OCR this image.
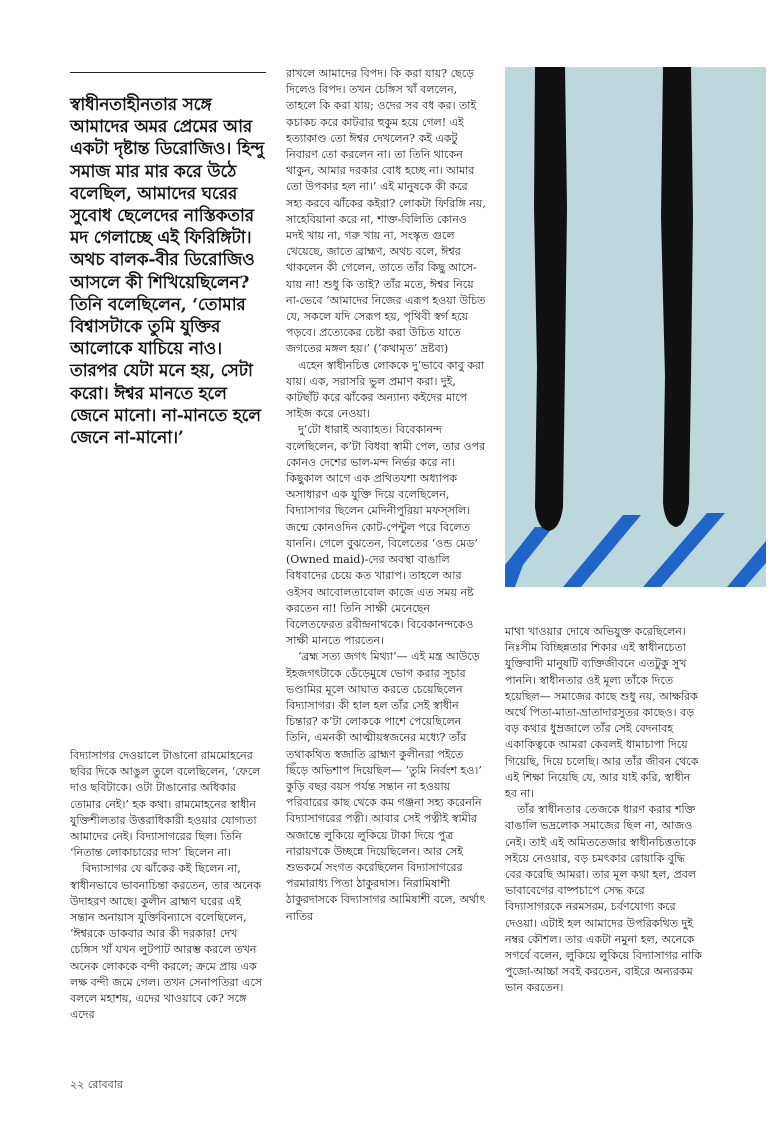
স্বাধীনতাহীনতার সঙ্গে আমাদের অমর প্রেমের আর একটা দৃষ্টান্ত ডিরোজিও। হিন্দু সমাজ মার মার করে উঠে বলেছিল, আমাদের ঘরের সুবোধ ছেলেদের নাস্তিকতার মদ গেলাচ্ছে এই ফিরিঙ্গিটা। অথচ বালক-বীর ডিরোজিও আসলে কী শিখিয়েছিলেন? তিনি বলেছিলেন, ‘তোমার বিশ্বাসটাকে তুমি যুক্তির আলোকে যাচিয়ে নাও। তারপর যেটা মনে হয়, সেটা করো। ঈশ্বর মানতে হলে জেনে মানো। না-মানতে হলে জেনে না-মানো।’

বিদ্যাসাগর দেওয়ালে টাঙানো রামমোহনের ছবির দিকে আঙুল তুলে বলেছিলেন, ‘ফেলে দাও ছবিটাকে। ওটা টাঙানোর অধিকার তোমার নেই।’ হক কথা। রামমোহনের স্বাধীন যুক্তিশীলতার উত্তরাধিকারী হওয়ার যোগ্যতা আমাদের নেই। বিদ্যাসাগরের ছিল। তিনি ‘নিতান্ত লোকাচারের দাস’ ছিলেন না।

বিদ্যাসাগর যে ঝাঁকের কই ছিলেন না, স্বাধীনভাবে ভাবনাচিন্তা করতেন, তার অনেক উদাহরণ আছে। কুলীন ব্রাহ্মণ ঘরের এই সন্তান অনায়াস যুক্তিবিন্যাসে বলেছিলেন, ‘ঈশ্বরকে ডাকবার আর কী দরকার! দেখ চেঙ্গিস খাঁ যখন লুটপাট আরম্ভ করলে তখন অনেক লোককে বন্দী করলে; ক্রমে প্রায় এক লক্ষ বন্দী জমে গেল। তখন সেনাপতিরা এসে বললে মহাশয়, এদের খাওয়াবে কে? সঙ্গে এদের

রাখলে আমাদের বিপদ। কি করা যায়? ছেড়ে দিলেও বিপদ। তখন চেঙ্গিস খাঁ বললেন, তাহলে কি করা যায়; ওদের সব বধ কর। তাই কচাকচ করে কাটবার হুকুম হয়ে গেল! এই হত্যাকাণ্ড তো ঈশ্বর দেখলেন? কই একটু নিবারণ তো করলেন না। তা তিনি থাকেন থাকুন, আমার দরকার বোধ হচ্ছে না। আমার তো উপকার হল না।’ এই মানুষকে কী করে সহ্য করবে ঝাঁকের কইরা? লোকটা ফিরিঙ্গি নয়, সাহেবিয়ানা করে না, শাক্ত-বিলিতি কোনও মদই খায় না, গরু খায় না, সংস্কৃত গুলে খেয়েছে, জাতে ব্রাহ্মণ, অথচ বলে, ঈশ্বর থাকলেন কী গেলেন, তাতে তাঁর কিছু আসে-যায় না! শুধু কি তাই? তাঁর মতে, ঈশ্বর নিয়ে না-ভেবে ‘আমাদের নিজের এরূপ হওয়া উচিত যে, সকলে যদি সেরূপ হয়, পৃথিবী স্বর্গ হয়ে পড়বে। প্রত্যেকের চেষ্টা করা উচিত যাতে জগতের মঙ্গল হয়।’ (‘কথামৃত’ দ্রষ্টব্য)

এহেন স্বাধীনচিত্ত লোককে দু’ভাবে কাবু করা যায়। এক, সরাসরি ভুল প্রমাণ করা। দুই, কাটছাঁট করে ঝাঁকের অন্যান্য কইদের মাপে সাইজ করে নেওয়া।

দু’টো ধারাই অব্যাহত। বিবেকানন্দ বলেছিলেন, ক’টা বিধবা স্বামী পেল, তার ওপর কোনও দেশের ভাল-মন্দ নির্ভর করে না। কিছুকাল আগে এক প্রথিতযশা অধ্যাপক অসাধারণ এক যুক্তি দিয়ে বলেছিলেন, বিদ্যাসাগর ছিলেন মেদিনীপুরিয়া মফস্সলি। জন্মে কোনওদিন কোট-পেন্টুল পরে বিলেত যাননি। গেলে বুঝতেন, বিলেতের ‘ওন্ড মেড’ (Owned maid)-দের অবস্থা বাঙালি বিধবাদের চেয়ে কত খারাপ। তাহলে আর ওইসব আবোলতাবোল কাজে এত সময় নষ্ট করতেন না! তিনি সাক্ষী মেনেছেন বিলেতফেরত রবীন্দ্রনাথকে। বিবেকানন্দকেও সাক্ষী মানতে পারতেন।

‘ব্রহ্ম সত্য জগৎ মিথ্যা’— এই মন্ত্র আউড়ে ইহজগৎটাকে ডেঁড়েমুষে ভোগ করার সূচার ভণ্ডামির মূলে আঘাত করতে চেয়েছিলেন বিদ্যাসাগর। কী হাল হল তাঁর সেই স্বাধীন চিন্তার? ক’টা লোককে পাশে পেয়েছিলেন তিনি, এমনকী আত্মীয়স্বজনের মধ্যে? তাঁর তথাকথিত স্বজাতি ব্রাহ্মণ কুলীনরা পইতে ছিঁড়ে অভিশাপ দিয়েছিল— ‘তুমি নির্বংশ হও।’ কুড়ি বছর বয়স পর্যন্ত সন্তান না হওয়ায় পরিবারের কাছ থেকে কম গঞ্জনা সহ্য করেননি বিদ্যাসাগরের পত্নী। আবার সেই পত্নীই স্বামীর অজান্তে লুকিয়ে লুকিয়ে টাকা দিয়ে পুত্র নারায়ণকে উচ্ছন্নে দিয়েছিলেন। আর সেই শুভকর্মে সংগত করেছিলেন বিদ্যাসাগরের পরমারাধ্য পিতা ঠাকুরদাস। নিরামিষাশী ঠাকুরদাসকে বিদ্যাসাগর আমিষাশী বলে, অর্থাৎ নাতির

মাথা খাওয়ার দোষে অভিযুক্ত করেছিলেন। নিঃসীম বিচ্ছিন্নতার শিকার এই স্বাধীনচেতা যুক্তিবাদী মানুষটি ব্যক্তিজীবনে এতটুকু সুখ পাননি। স্বাধীনতার ওই মূল্য তাঁকে দিতে হয়েছিল— সমাজের কাছে শুধু নয়, আক্ষরিক অর্থে পিতা-মাতা-ভ্রাতাদারসুতর কাছেও। বড় বড় কথার ধুম্রজালে তাঁর সেই বেদনাবহ একাকিত্বকে আমরা কেবলই ধামাচাপা দিয়ে গিয়েছি, দিয়ে চলেছি। আর তাঁর জীবন থেকে এই শিক্ষা নিয়েছি যে, আর যাই করি, স্বাধীন হব না।

তাঁর স্বাধীনতার তেজকে ধারণ করার শক্তি বাঙালি ভদ্রলোক সমাজের ছিল না, আজও নেই। তাই এই অমিততেজার স্বাধীনচিত্ততাকে সইয়ে নেওয়ার, বড় চমৎকার রোয়াকি বুদ্ধি বের করেছি আমরা। তার মূল কথা হল, প্রবল ভাবাবেগের বাষ্পচাপে সেদ্ধ করে বিদ্যাসাগরকে নরমসরম, চর্বণযোগ্য করে দেওয়া। এটাই হল আমাদের উপরিকথিত দুই নম্বর কৌশল। তার একটা নমুনা হল, অনেকে সগর্বে বলেন, লুকিয়ে লুকিয়ে বিদ্যাসাগর নাকি পুজো-আচ্চা সবই করতেন, বাইরে অন্যরকম ভান করতেন।

২২ রোববার
